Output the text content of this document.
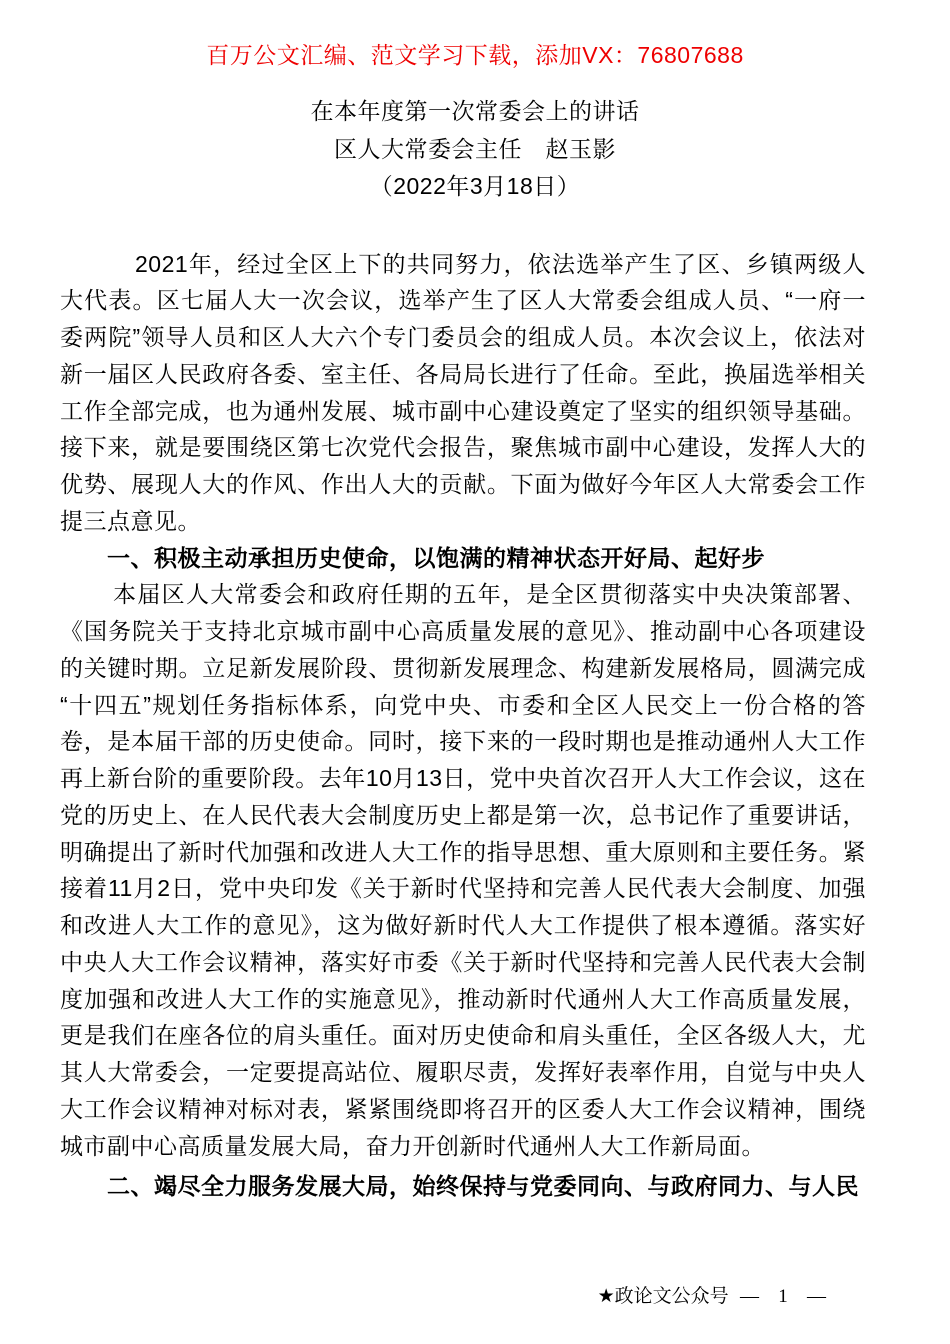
百万公文汇编、范文学习下载，添加VX：76807688
在本年度第一次常委会上的讲话
区人大常委会主任　赵玉影
（2022年3月18日）

2021年，经过全区上下的共同努力，依法选举产生了区、乡镇两级人大代表。区七届人大一次会议，选举产生了区人大常委会组成人员、“一府一委两院”领导人员和区人大六个专门委员会的组成人员。本次会议上，依法对新一届区人民政府各委、室主任、各局局长进行了任命。至此，换届选举相关工作全部完成，也为通州发展、城市副中心建设奠定了坚实的组织领导基础。接下来，就是要围绕区第七次党代会报告，聚焦城市副中心建设，发挥人大的优势、展现人大的作风、作出人大的贡献。下面为做好今年区人大常委会工作提三点意见。

一、积极主动承担历史使命，以饱满的精神状态开好局、起好步

本届区人大常委会和政府任期的五年，是全区贯彻落实中央决策部署、《国务院关于支持北京城市副中心高质量发展的意见》、推动副中心各项建设的关键时期。立足新发展阶段、贯彻新发展理念、构建新发展格局，圆满完成“十四五”规划任务指标体系，向党中央、市委和全区人民交上一份合格的答卷，是本届干部的历史使命。同时，接下来的一段时期也是推动通州人大工作再上新台阶的重要阶段。去年10月13日，党中央首次召开人大工作会议，这在党的历史上、在人民代表大会制度历史上都是第一次，总书记作了重要讲话，明确提出了新时代加强和改进人大工作的指导思想、重大原则和主要任务。紧接着11月2日，党中央印发《关于新时代坚持和完善人民代表大会制度、加强和改进人大工作的意见》，这为做好新时代人大工作提供了根本遵循。落实好中央人大工作会议精神，落实好市委《关于新时代坚持和完善人民代表大会制度加强和改进人大工作的实施意见》，推动新时代通州人大工作高质量发展，更是我们在座各位的肩头重任。面对历史使命和肩头重任，全区各级人大，尤其人大常委会，一定要提高站位、履职尽责，发挥好表率作用，自觉与中央人大工作会议精神对标对表，紧紧围绕即将召开的区委人大工作会议精神，围绕城市副中心高质量发展大局，奋力开创新时代通州人大工作新局面。

二、竭尽全力服务发展大局，始终保持与党委同向、与政府同力、与人民

★政论文公众号 — 1 —
